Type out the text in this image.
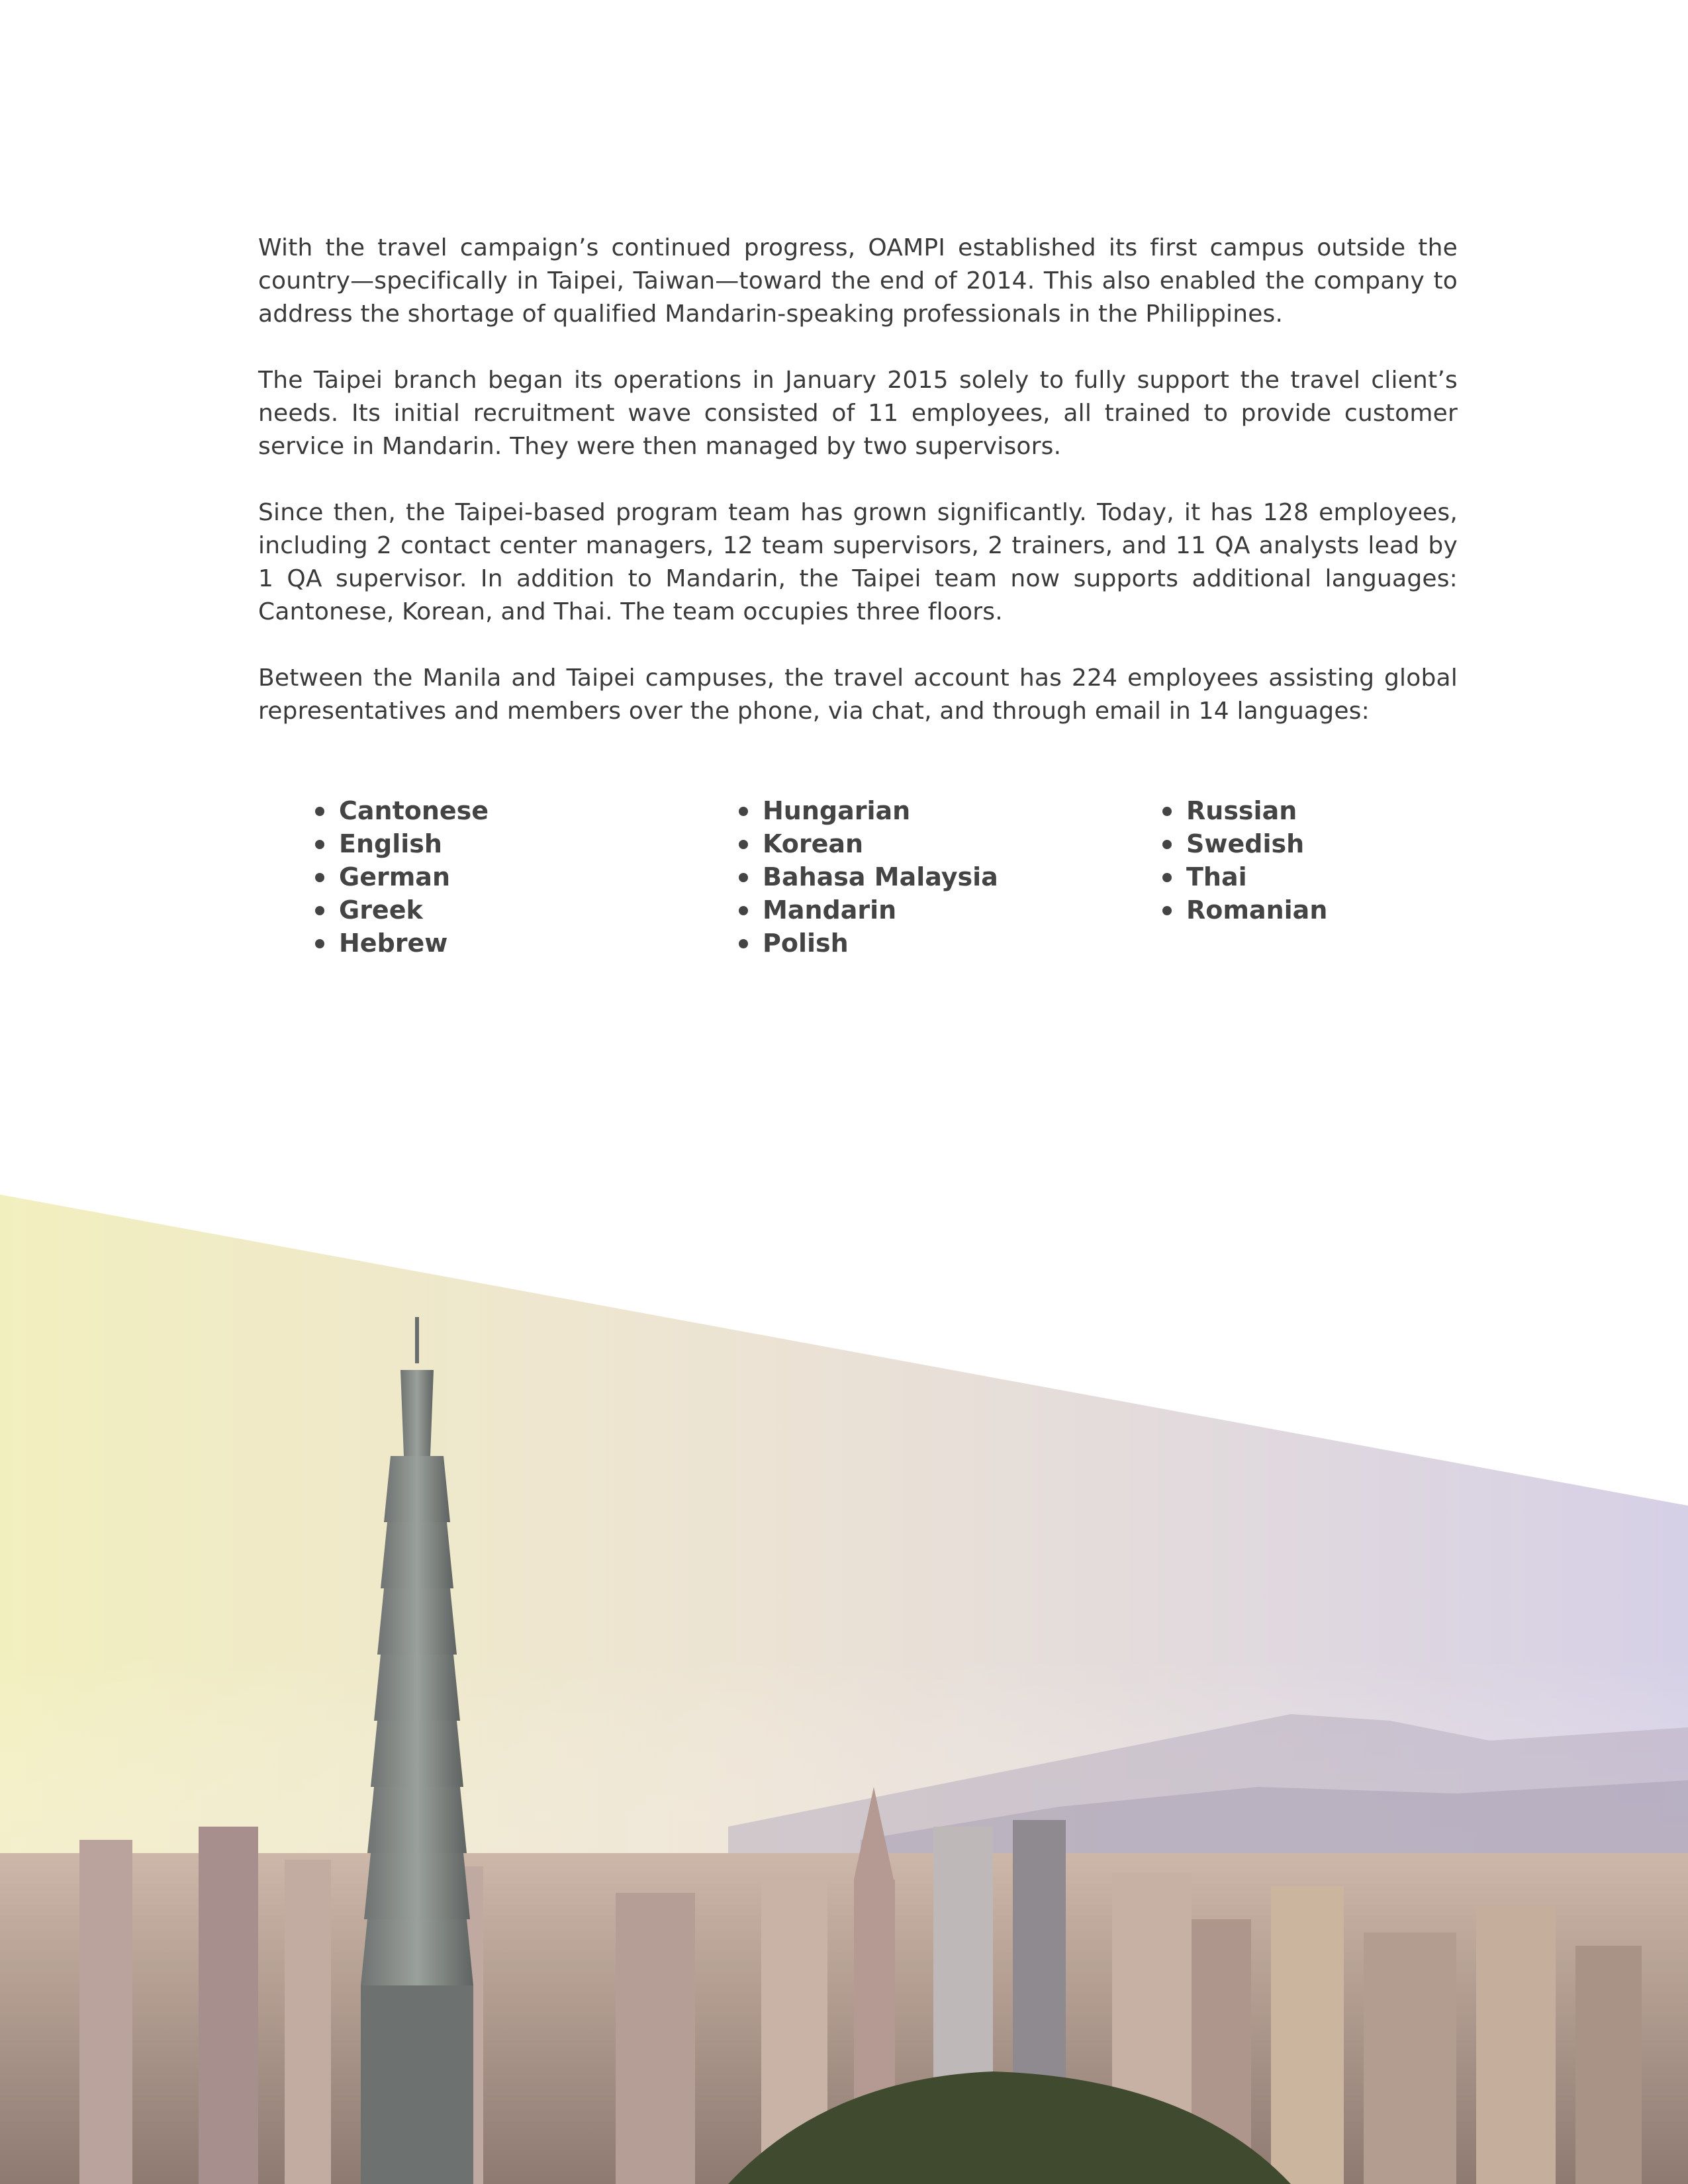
With the travel campaign’s continued progress, OAMPI established its first campus outside the country—specifically in Taipei, Taiwan—toward the end of 2014. This also enabled the company to address the shortage of qualified Mandarin-speaking professionals in the Philippines.

The Taipei branch began its operations in January 2015 solely to fully support the travel client’s needs. Its initial recruitment wave consisted of 11 employees, all trained to provide customer service in Mandarin. They were then managed by two supervisors.

Since then, the Taipei-based program team has grown significantly. Today, it has 128 employees, including 2 contact center managers, 12 team supervisors, 2 trainers, and 11 QA analysts lead by 1 QA supervisor. In addition to Mandarin, the Taipei team now supports additional languages: Cantonese, Korean, and Thai. The team occupies three floors.

Between the Manila and Taipei campuses, the travel account has 224 employees assisting global representatives and members over the phone, via chat, and through email in 14 languages:

Cantonese
English
German
Greek
Hebrew
Hungarian
Korean
Bahasa Malaysia
Mandarin
Polish
Russian
Swedish
Thai
Romanian
